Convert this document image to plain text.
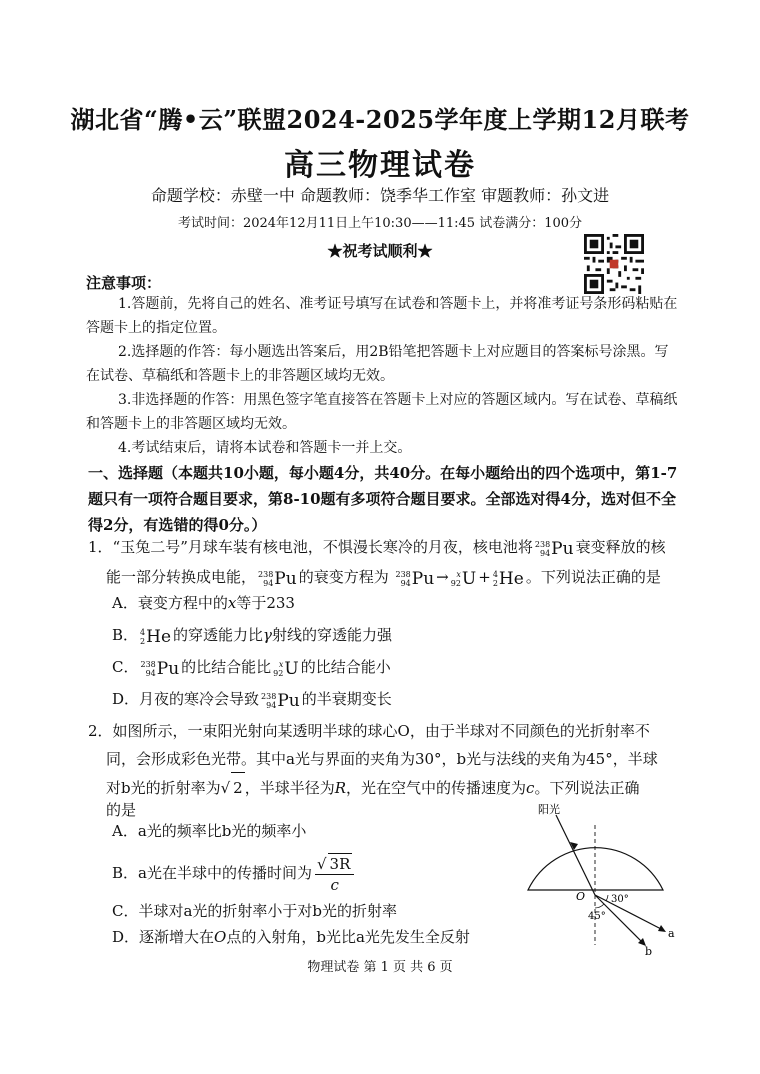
湖北省“腾•云”联盟2024-2025学年度上学期12月联考
高三物理试卷
命题学校：赤壁一中 命题教师：饶季华工作室 审题教师：孙文进
考试时间：2024年12月11日上午10:30——11:45 试卷满分：100分
★祝考试顺利★
注意事项：
1.答题前，先将自己的姓名、准考证号填写在试卷和答题卡上，并将准考证号条形码粘贴在答题卡上的指定位置。
2.选择题的作答：每小题选出答案后，用2B铅笔把答题卡上对应题目的答案标号涂黑。写在试卷、草稿纸和答题卡上的非答题区域均无效。
3.非选择题的作答：用黑色签字笔直接答在答题卡上对应的答题区域内。写在试卷、草稿纸和答题卡上的非答题区域均无效。
4.考试结束后，请将本试卷和答题卡一并上交。
一、选择题（本题共10小题，每小题4分，共40分。在每小题给出的四个选项中，第1-7题只有一项符合题目要求，第8-10题有多项符合题目要求。全部选对得4分，选对但不全得2分，有选错的得0分。）
1．“玉兔二号”月球车装有核电池，不惧漫长寒冷的月夜，核电池将 238
94Pu 衰变释放的核
能一部分转换成电能， 238
94Pu 的衰变方程为 238
94Pu → x
92U + 4
2He 。下列说法正确的是
A．衰变方程中的x等于233
B． 4
2He 的穿透能力比γ射线的穿透能力强
C． 238
94Pu 的比结合能比 x
92U 的比结合能小
D．月夜的寒冷会导致 238
94Pu 的半衰期变长
2．如图所示，一束阳光射向某透明半球的球心O，由于半球对不同颜色的光折射率不
同，会形成彩色光带。其中a光与界面的夹角为30°，b光与法线的夹角为45°，半球
对b光的折射率为√ 2 ，半球半径为R，光在空气中的传播速度为c。下列说法正确
的是
A．a光的频率比b光的频率小
B．a光在半球中的传播时间为 $\frac{√ 3R}{c}$
C．半球对a光的折射率小于对b光的折射率
D．逐渐增大在O点的入射角，b光比a光先发生全反射
阳光
O	30°
45°
a
b
物理试卷 第 1 页 共 6 页
